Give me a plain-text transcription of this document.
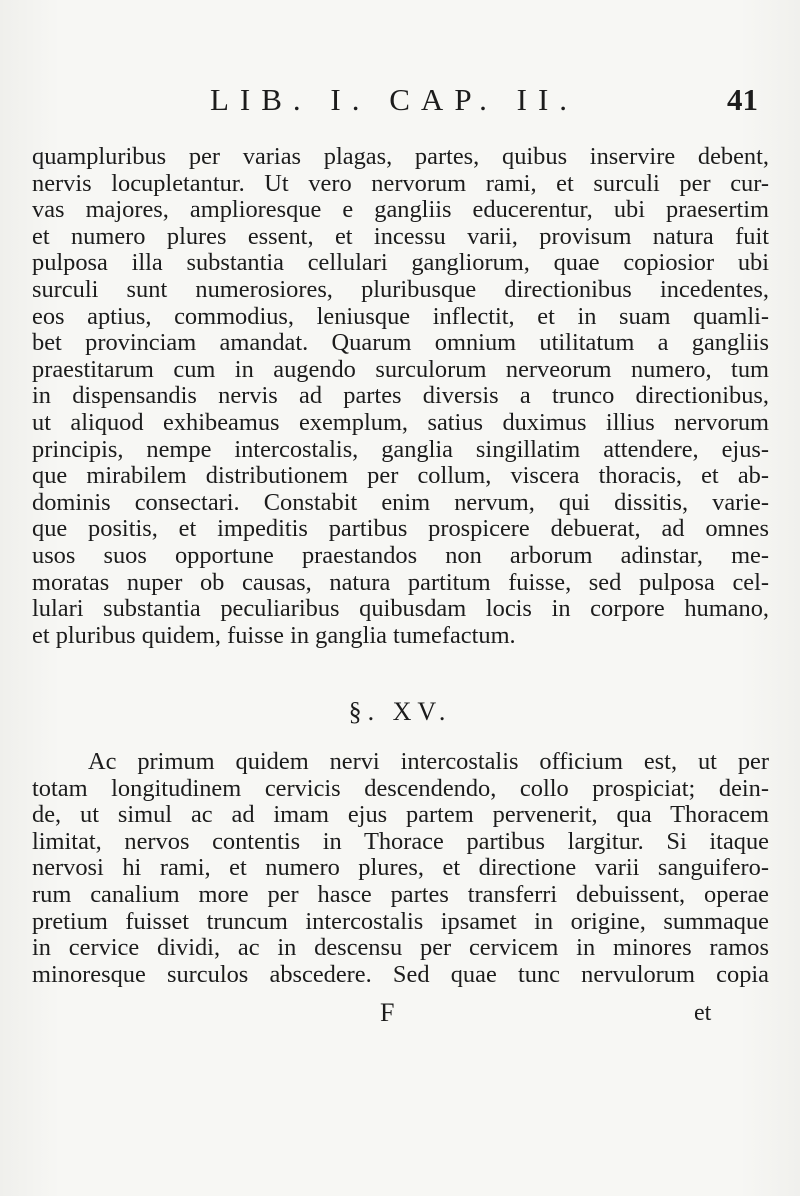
LIB. I. CAP. II.	41
quampluribus per varias plagas, partes, quibus inservire debent,
nervis locupletantur. Ut vero nervorum rami, et surculi per cur-
vas majores, amplioresque e gangliis educerentur, ubi praesertim
et numero plures essent, et incessu varii, provisum natura fuit
pulposa illa substantia cellulari gangliorum, quae copiosior ubi
surculi sunt numerosiores, pluribusque directionibus incedentes,
eos aptius, commodius, leniusque inflectit, et in suam quamli-
bet provinciam amandat. Quarum omnium utilitatum a gangliis
praestitarum cum in augendo surculorum nerveorum numero, tum
in dispensandis nervis ad partes diversis a trunco directionibus,
ut aliquod exhibeamus exemplum, satius duximus illius nervorum
principis, nempe intercostalis, ganglia singillatim attendere, ejus-
que mirabilem distributionem per collum, viscera thoracis, et ab-
dominis consectari. Constabit enim nervum, qui dissitis, varie-
que positis, et impeditis partibus prospicere debuerat, ad omnes
usos suos opportune praestandos non arborum adinstar, me-
moratas nuper ob causas, natura partitum fuisse, sed pulposa cel-
lulari substantia peculiaribus quibusdam locis in corpore humano,
et pluribus quidem, fuisse in ganglia tumefactum.
§. XV.
Ac primum quidem nervi intercostalis officium est, ut per
totam longitudinem cervicis descendendo, collo prospiciat; dein-
de, ut simul ac ad imam ejus partem pervenerit, qua Thoracem
limitat, nervos contentis in Thorace partibus largitur. Si itaque
nervosi hi rami, et numero plures, et directione varii sanguifero-
rum canalium more per hasce partes transferri debuissent, operae
pretium fuisset truncum intercostalis ipsamet in origine, summaque
in cervice dividi, ac in descensu per cervicem in minores ramos
minoresque surculos abscedere. Sed quae tunc nervulorum copia
F	et
